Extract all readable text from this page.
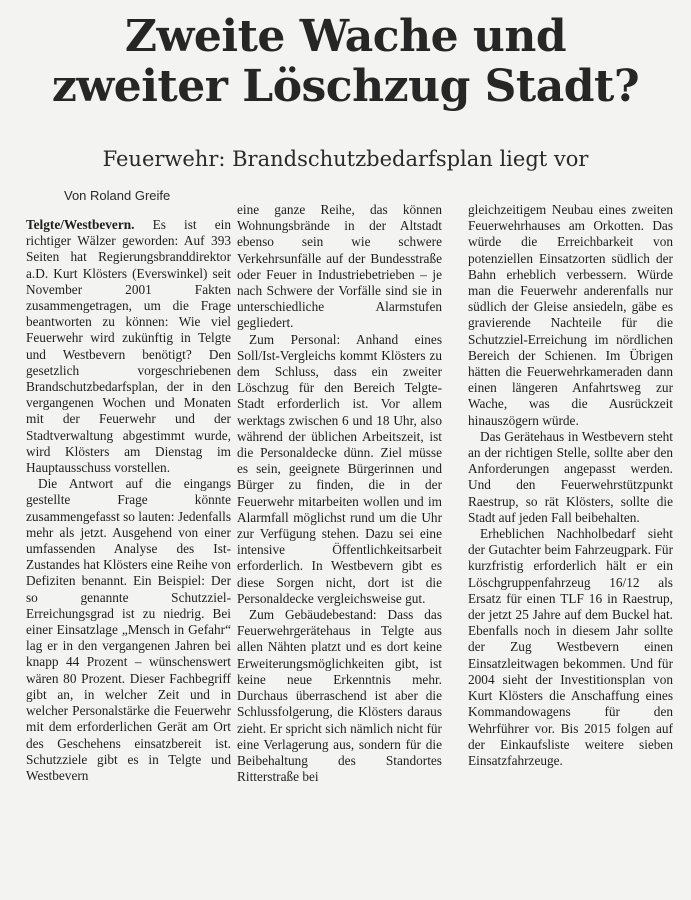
Zweite Wache und
zweiter Löschzug Stadt?
Feuerwehr: Brandschutzbedarfsplan liegt vor
Von Roland Greife

Telgte/Westbevern. Es ist ein richtiger Wälzer geworden: Auf 393 Seiten hat Regierungsbranddirektor a.D. Kurt Klösters (Everswinkel) seit November 2001 Fakten zusammengetragen, um die Frage beantworten zu können: Wie viel Feuerwehr wird zukünftig in Telgte und Westbevern benötigt? Den gesetzlich vorgeschriebenen Brandschutzbedarfsplan, der in den vergangenen Wochen und Monaten mit der Feuerwehr und der Stadtverwaltung abgestimmt wurde, wird Klösters am Dienstag im Hauptausschuss vorstellen.

Die Antwort auf die eingangs gestellte Frage könnte zusammengefasst so lauten: Jedenfalls mehr als jetzt. Ausgehend von einer umfassenden Analyse des Ist-Zustandes hat Klösters eine Reihe von Defiziten benannt. Ein Beispiel: Der so genannte Schutzziel-Erreichungsgrad ist zu niedrig. Bei einer Einsatzlage „Mensch in Gefahr“ lag er in den vergangenen Jahren bei knapp 44 Prozent – wünschenswert wären 80 Prozent. Dieser Fachbegriff gibt an, in welcher Zeit und in welcher Personalstärke die Feuerwehr mit dem erforderlichen Gerät am Ort des Geschehens einsatzbereit ist. Schutzziele gibt es in Telgte und Westbevern

eine ganze Reihe, das können Wohnungsbrände in der Altstadt ebenso sein wie schwere Verkehrsunfälle auf der Bundesstraße oder Feuer in Industriebetrieben – je nach Schwere der Vorfälle sind sie in unterschiedliche Alarmstufen gegliedert.

Zum Personal: Anhand eines Soll/Ist-Vergleichs kommt Klösters zu dem Schluss, dass ein zweiter Löschzug für den Bereich Telgte-Stadt erforderlich ist. Vor allem werktags zwischen 6 und 18 Uhr, also während der üblichen Arbeitszeit, ist die Personaldecke dünn. Ziel müsse es sein, geeignete Bürgerinnen und Bürger zu finden, die in der Feuerwehr mitarbeiten wollen und im Alarmfall möglichst rund um die Uhr zur Verfügung stehen. Dazu sei eine intensive Öffentlichkeitsarbeit erforderlich. In Westbevern gibt es diese Sorgen nicht, dort ist die Personaldecke vergleichsweise gut.

Zum Gebäudebestand: Dass das Feuerwehrgerätehaus in Telgte aus allen Nähten platzt und es dort keine Erweiterungsmöglichkeiten gibt, ist keine neue Erkenntnis mehr. Durchaus überraschend ist aber die Schlussfolgerung, die Klösters daraus zieht. Er spricht sich nämlich nicht für eine Verlagerung aus, sondern für die Beibehaltung des Standortes Ritterstraße bei

gleichzeitigem Neubau eines zweiten Feuerwehrhauses am Orkotten. Das würde die Erreichbarkeit von potenziellen Einsatzorten südlich der Bahn erheblich verbessern. Würde man die Feuerwehr anderenfalls nur südlich der Gleise ansiedeln, gäbe es gravierende Nachteile für die Schutzziel-Erreichung im nördlichen Bereich der Schienen. Im Übrigen hätten die Feuerwehrkameraden dann einen längeren Anfahrtsweg zur Wache, was die Ausrückzeit hinauszögern würde.

Das Gerätehaus in Westbevern steht an der richtigen Stelle, sollte aber den Anforderungen angepasst werden. Und den Feuerwehrstützpunkt Raestrup, so rät Klösters, sollte die Stadt auf jeden Fall beibehalten.

Erheblichen Nachholbedarf sieht der Gutachter beim Fahrzeugpark. Für kurzfristig erforderlich hält er ein Löschgruppenfahrzeug 16/12 als Ersatz für einen TLF 16 in Raestrup, der jetzt 25 Jahre auf dem Buckel hat. Ebenfalls noch in diesem Jahr sollte der Zug Westbevern einen Einsatzleitwagen bekommen. Und für 2004 sieht der Investitionsplan von Kurt Klösters die Anschaffung eines Kommandowagens für den Wehrführer vor. Bis 2015 folgen auf der Einkaufsliste weitere sieben Einsatzfahrzeuge.
